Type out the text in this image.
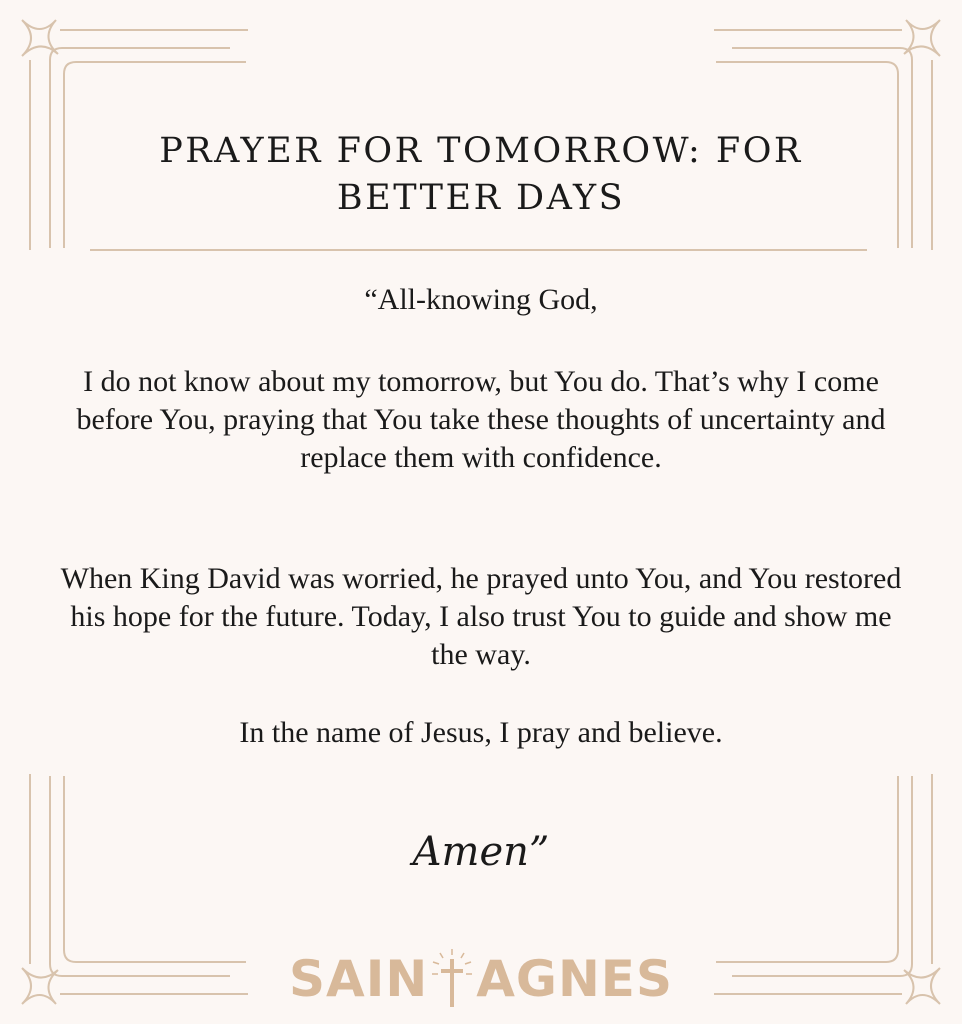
PRAYER FOR TOMORROW: FOR
BETTER DAYS

“All-knowing God,

I do not know about my tomorrow, but You do. That’s why I come before You, praying that You take these thoughts of uncertainty and replace them with confidence.

When King David was worried, he prayed unto You, and You restored his hope for the future. Today, I also trust You to guide and show me the way.

In the name of Jesus, I pray and believe.

Amen”
SAIN AGNES
